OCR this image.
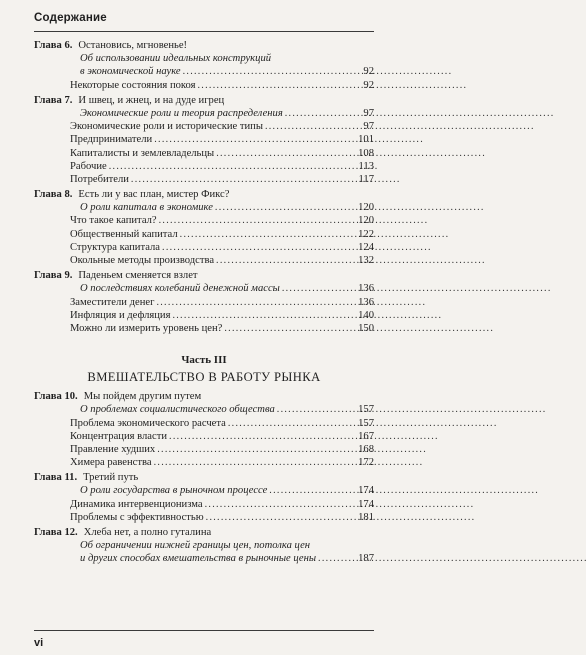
Содержание
Глава 6. Остановись, мгновенье!
Об использовании идеальных конструкций
в экономической науке . . .	92
Некоторые состояния покоя . . .	92
Глава 7. И швец, и жнец, и на дуде игрец
Экономические роли и теория распределения . . .	97
Экономические роли и исторические типы . . .	97
Предприниматели . . .	101
Капиталисты и землевладельцы . . .	108
Рабочие . . .	113
Потребители . . .	117
Глава 8. Есть ли у вас план, мистер Фикс?
О роли капитала в экономике . . .	120
Что такое капитал? . . .	120
Общественный капитал . . .	122
Структура капитала . . .	124
Окольные методы производства . . .	132
Глава 9. Паденьем сменяется взлет
О последствиях колебаний денежной массы . . .	136
Заместители денег . . .	136
Инфляция и дефляция . . .	140
Можно ли измерить уровень цен? . . .	150
Часть III
ВМЕШАТЕЛЬСТВО В РАБОТУ РЫНКА
Глава 10. Мы пойдем другим путем
О проблемах социалистического общества . . .	157
Проблема экономического расчета . . .	157
Концентрация власти . . .	167
Правление худших . . .	168
Химера равенства . . .	172
Глава 11. Третий путь
О роли государства в рыночном процессе . . .	174
Динамика интервенционизма . . .	174
Проблемы с эффективностью . . .	181
Глава 12. Хлеба нет, а полно гуталина
Об ограничении нижней границы цен, потолка цен
и других способах вмешательства в рыночные цены . . .	187
vi
